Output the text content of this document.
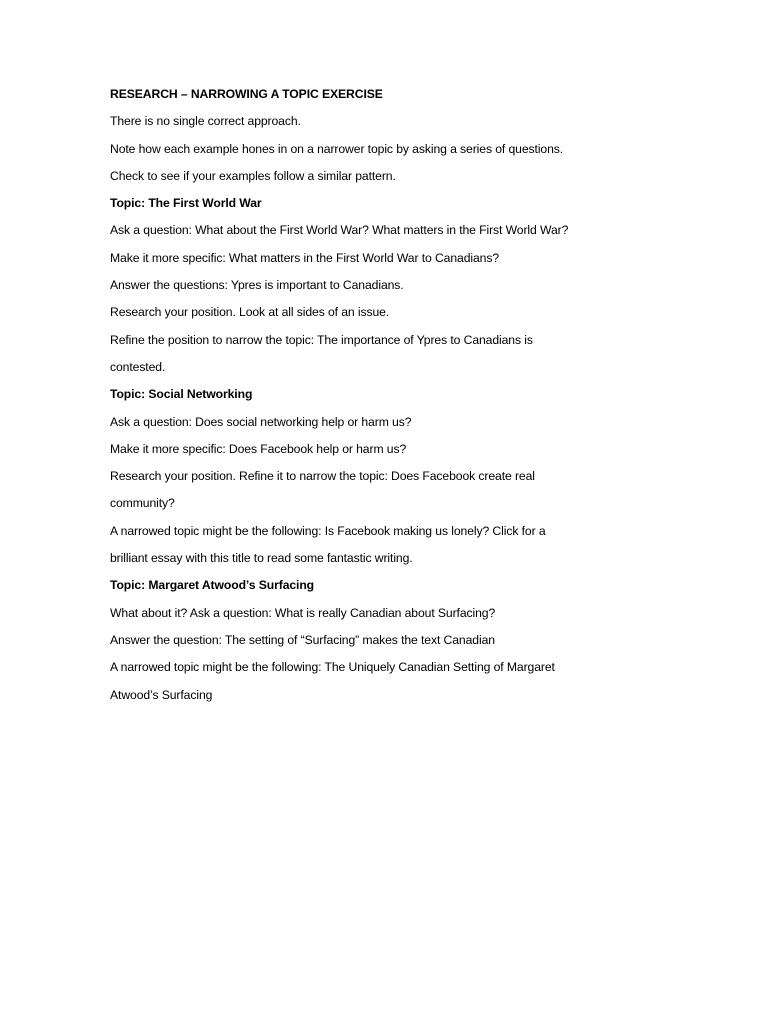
RESEARCH – NARROWING A TOPIC EXERCISE
There is no single correct approach.
Note how each example hones in on a narrower topic by asking a series of questions.
Check to see if your examples follow a similar pattern.
Topic: The First World War
Ask a question: What about the First World War? What matters in the First World War?
Make it more specific: What matters in the First World War to Canadians?
Answer the questions: Ypres is important to Canadians.
Research your position. Look at all sides of an issue.
Refine the position to narrow the topic: The importance of Ypres to Canadians is
contested.
Topic: Social Networking
Ask a question: Does social networking help or harm us?
Make it more specific: Does Facebook help or harm us?
Research your position. Refine it to narrow the topic: Does Facebook create real
community?
A narrowed topic might be the following: Is Facebook making us lonely? Click for a
brilliant essay with this title to read some fantastic writing.
Topic: Margaret Atwood’s Surfacing
What about it? Ask a question: What is really Canadian about Surfacing?
Answer the question: The setting of “Surfacing” makes the text Canadian
A narrowed topic might be the following: The Uniquely Canadian Setting of Margaret
Atwood’s Surfacing
